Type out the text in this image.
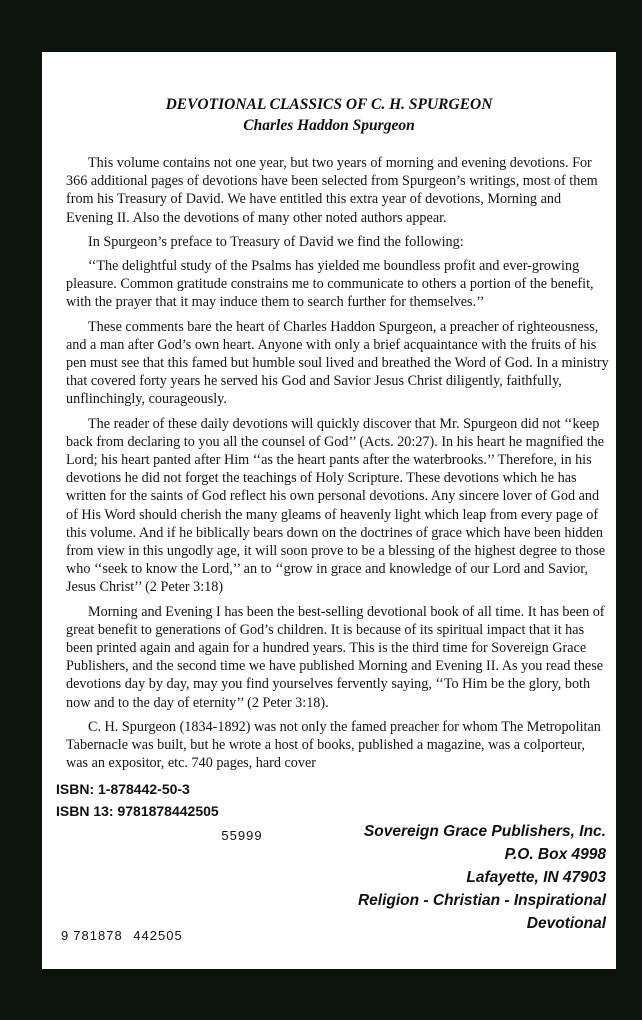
DEVOTIONAL CLASSICS OF C. H. SPURGEON
Charles Haddon Spurgeon

This volume contains not one year, but two years of morning and evening devotions. For 366 additional pages of devotions have been selected from Spurgeon’s writings, most of them from his Treasury of David. We have entitled this extra year of devotions, Morning and Evening II. Also the devotions of many other noted authors appear.

In Spurgeon’s preface to Treasury of David we find the following:

‘‘The delightful study of the Psalms has yielded me boundless profit and ever-growing pleasure. Common gratitude constrains me to communicate to others a portion of the benefit, with the prayer that it may induce them to search further for themselves.’’

These comments bare the heart of Charles Haddon Spurgeon, a preacher of righteousness, and a man after God’s own heart. Anyone with only a brief acquaintance with the fruits of his pen must see that this famed but humble soul lived and breathed the Word of God. In a ministry that covered forty years he served his God and Savior Jesus Christ diligently, faithfully, unflinchingly, courageously.

The reader of these daily devotions will quickly discover that Mr. Spurgeon did not ‘‘keep back from declaring to you all the counsel of God’’ (Acts. 20:27). In his heart he magnified the Lord; his heart panted after Him ‘‘as the heart pants after the waterbrooks.’’ Therefore, in his devotions he did not forget the teachings of Holy Scripture. These devotions which he has written for the saints of God reflect his own personal devotions. Any sincere lover of God and of His Word should cherish the many gleams of heavenly light which leap from every page of this volume. And if he biblically bears down on the doctrines of grace which have been hidden from view in this ungodly age, it will soon prove to be a blessing of the highest degree to those who ‘‘seek to know the Lord,’’ an to ‘‘grow in grace and knowledge of our Lord and Savior, Jesus Christ’’ (2 Peter 3:18)

Morning and Evening I has been the best-selling devotional book of all time. It has been of great benefit to generations of God’s children. It is because of its spiritual impact that it has been printed again and again for a hundred years. This is the third time for Sovereign Grace Publishers, and the second time we have published Morning and Evening II. As you read these devotions day by day, may you find yourselves fervently saying, ‘‘To Him be the glory, both now and to the day of eternity’’ (2 Peter 3:18).

C. H. Spurgeon (1834-1892) was not only the famed preacher for whom The Metropolitan Tabernacle was built, but he wrote a host of books, published a magazine, was a colporteur, was an expositor, etc. 740 pages, hard cover

ISBN: 1-878442-50-3
ISBN 13: 9781878442505
9 781878 442505
55999	Sovereign Grace Publishers, Inc.
P.O. Box 4998
Lafayette, IN 47903
Religion - Christian - Inspirational
Devotional
